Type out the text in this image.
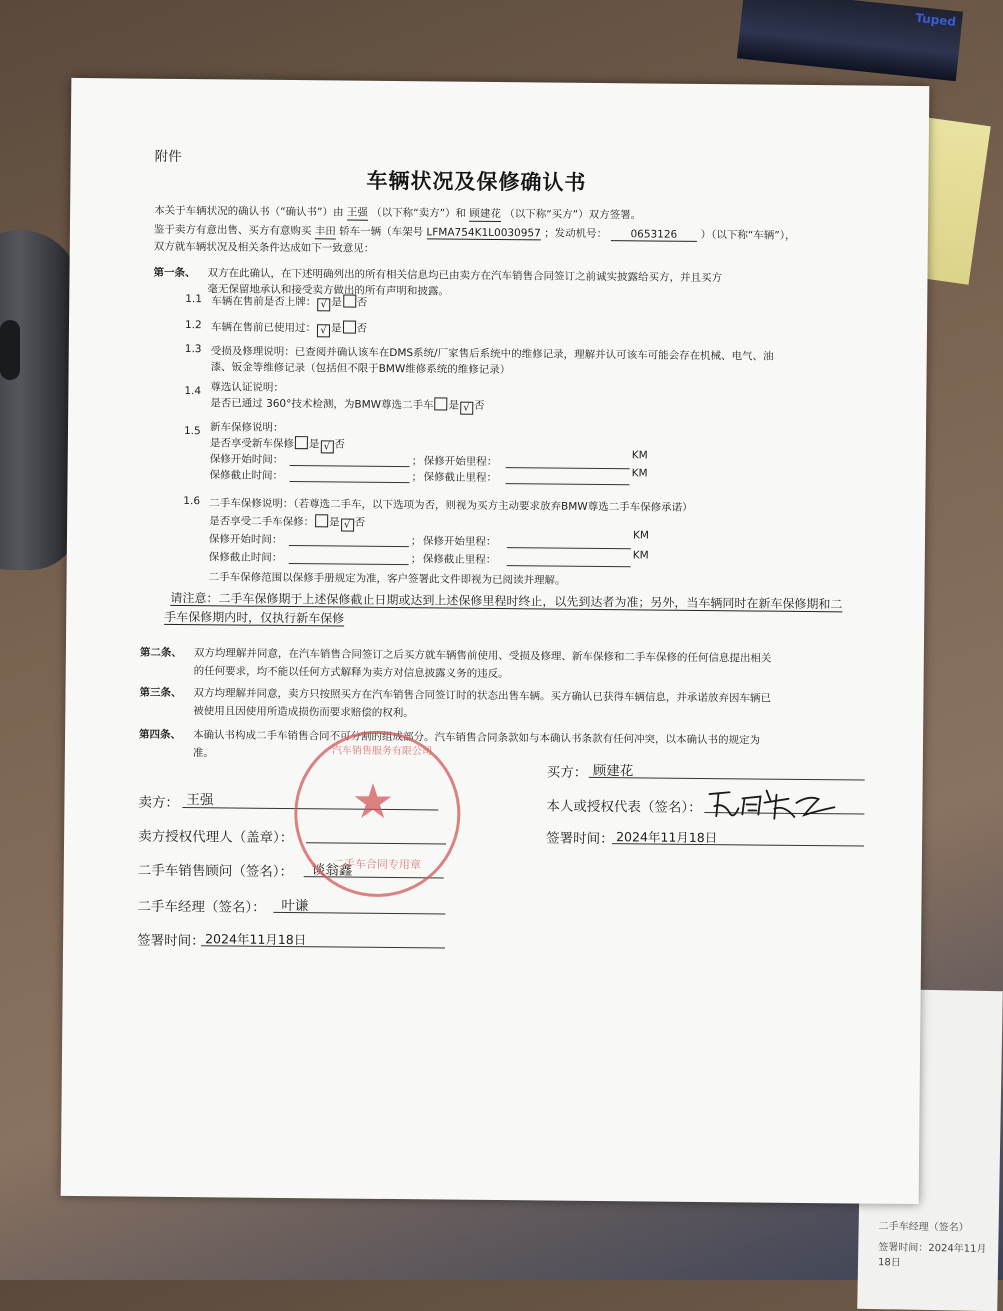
Tuped
二手车经理（签名）
签署时间：2024年11月18日
附件
车辆状况及保修确认书
本关于车辆状况的确认书（“确认书”）由 王强 （以下称“卖方”）和 顾建花 （以下称“买方”）双方签署。
鉴于卖方有意出售、买方有意购买 丰田 轿车一辆（车架号 LFMA754K1L0030957 ；发动机号： 0653126 ）（以下称“车辆”），
双方就车辆状况及相关条件达成如下一致意见：
第一条、 双方在此确认，在下述明确列出的所有相关信息均已由卖方在汽车销售合同签订之前诚实披露给买方，并且买方
毫无保留地承认和接受卖方做出的所有声明和披露。
1.1 车辆在售前是否上牌： √ 是 否
1.2 车辆在售前已使用过： √ 是 否
1.3 受损及修理说明：已查阅并确认该车在DMS系统/厂家售后系统中的维修记录，理解并认可该车可能会存在机械、电气、油
漆、钣金等维修记录（包括但不限于BMW维修系统的维修记录）
1.4 尊选认证说明：
是否已通过 360°技术检测，为BMW尊选二手车 是 √ 否
1.5 新车保修说明：
是否享受新车保修 是 √ 否
保修开始时间：	； 保修开始里程：	KM
保修截止时间：	； 保修截止里程：	KM
1.6 二手车保修说明：（若尊选二手车，以下选项为否，则视为买方主动要求放弃BMW尊选二手车保修承诺）
是否享受二手车保修： 是 √ 否
保修开始时间：	； 保修开始里程：	KM
保修截止时间：	； 保修截止里程：	KM
二手车保修范围以保修手册规定为准，客户签署此文件即视为已阅读并理解。
请注意：二手车保修期于上述保修截止日期或达到上述保修里程时终止，以先到达者为准；另外，当车辆同时在新车保修期和二
手车保修期内时，仅执行新车保修
第二条、 双方均理解并同意，在汽车销售合同签订之后买方就车辆售前使用、受损及修理、新车保修和二手车保修的任何信息提出相关
的任何要求，均不能以任何方式解释为卖方对信息披露义务的违反。
第三条、 双方均理解并同意，卖方只按照买方在汽车销售合同签订时的状态出售车辆。买方确认已获得车辆信息，并承诺放弃因车辆已
被使用且因使用所造成损伤而要求赔偿的权利。
第四条、 本确认书构成二手车销售合同不可分割的组成部分。汽车销售合同条款如与本确认书条款有任何冲突，以本确认书的规定为
准。
卖方： 王强
卖方授权代理人（盖章）：
二手车销售顾问（签名）： 谈翁鑫
二手车经理（签名）： 叶谦
签署时间： 2024年11月18日
汽车销售服务有限公司
★
二手车合同专用章
买方： 顾建花
本人或授权代表（签名）：
签署时间： 2024年11月18日
